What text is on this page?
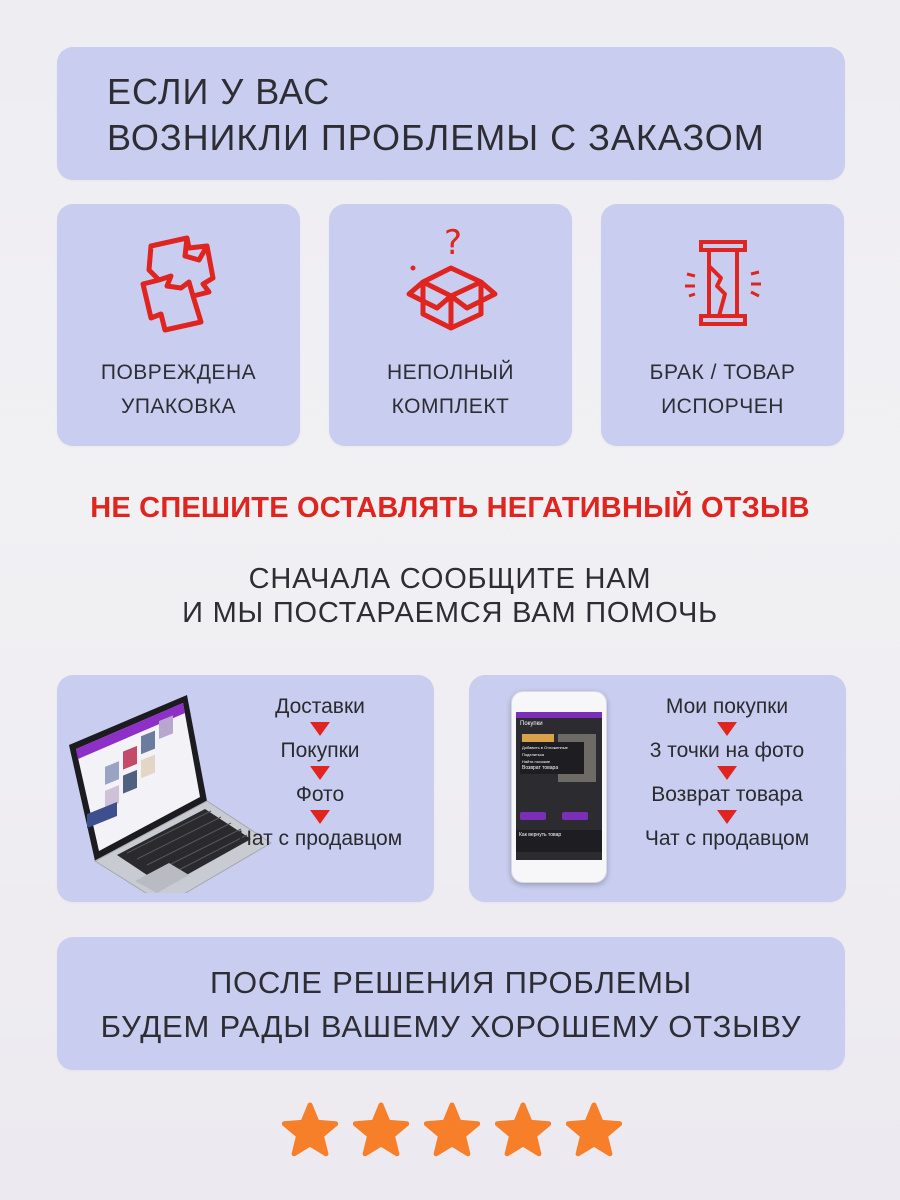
ЕСЛИ У ВАС
ВОЗНИКЛИ ПРОБЛЕМЫ С ЗАКАЗОМ
ПОВРЕЖДЕНА
УПАКОВКА
?
НЕПОЛНЫЙ
КОМПЛЕКТ
БРАК / ТОВАР
ИСПОРЧЕН
НЕ СПЕШИТЕ ОСТАВЛЯТЬ НЕГАТИВНЫЙ ОТЗЫВ
СНАЧАЛА СООБЩИТЕ НАМ
И МЫ ПОСТАРАЕМСЯ ВАМ ПОМОЧЬ
Доставки
Покупки
Фото
Чат с продавцом
Покупки
Добавить в Отложенные
Поделиться
Найти похожие
Возврат товара
Как вернуть товар
Мои покупки
3 точки на фото
Возврат товара
Чат с продавцом
ПОСЛЕ РЕШЕНИЯ ПРОБЛЕМЫ
БУДЕМ РАДЫ ВАШЕМУ ХОРОШЕМУ ОТЗЫВУ
